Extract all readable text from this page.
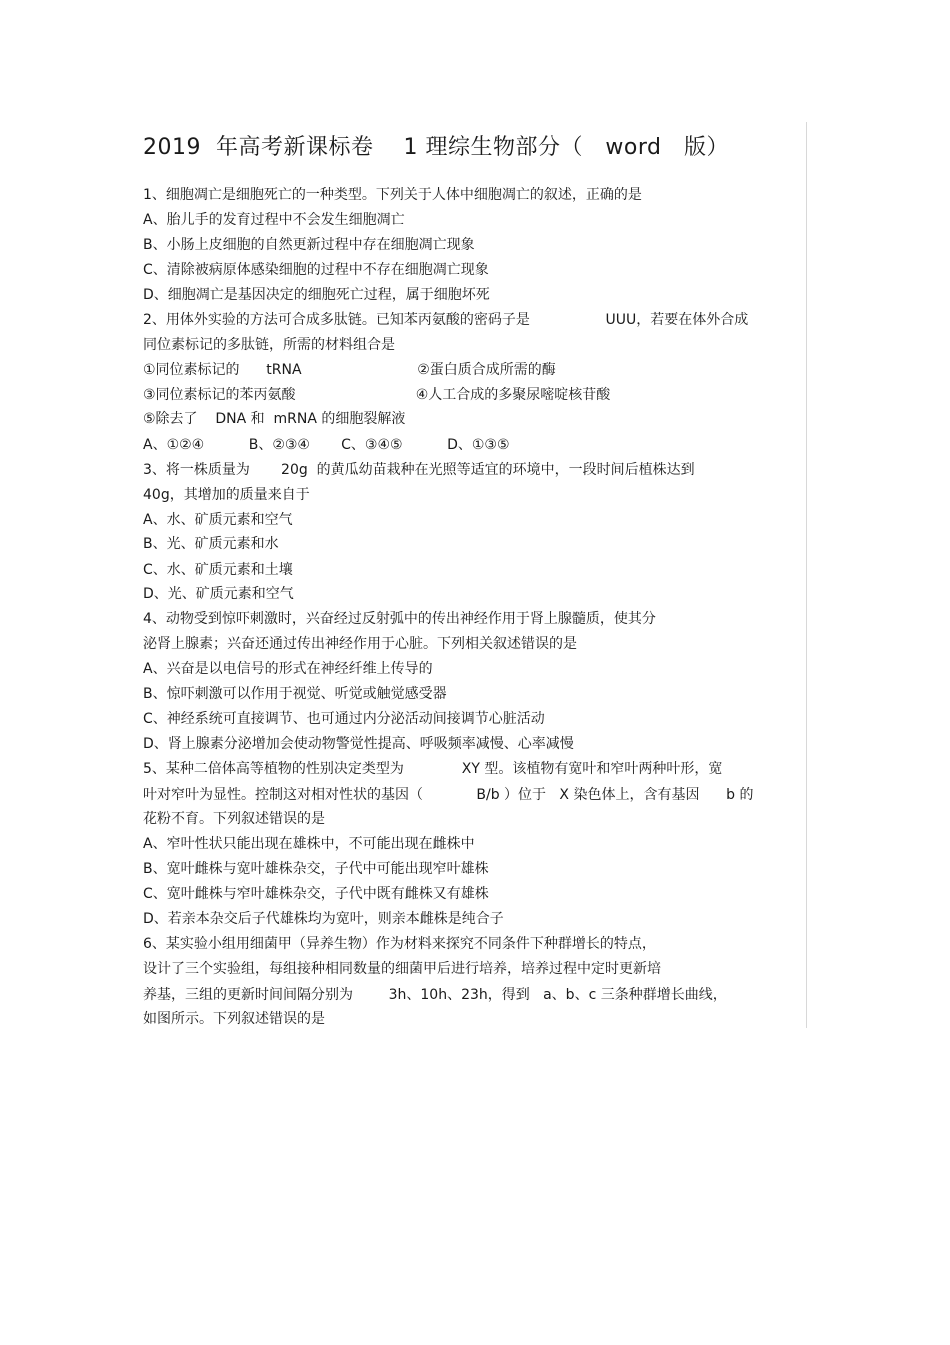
2019  年高考新课标卷    1 理综生物部分（   word   版）
1、细胞凋亡是细胞死亡的一种类型。下列关于人体中细胞凋亡的叙述，正确的是
A、胎儿手的发育过程中不会发生细胞凋亡
B、小肠上皮细胞的自然更新过程中存在细胞凋亡现象
C、清除被病原体感染细胞的过程中不存在细胞凋亡现象
D、细胞凋亡是基因决定的细胞死亡过程，属于细胞坏死
2、用体外实验的方法可合成多肽链。已知苯丙氨酸的密码子是                 UUU，若要在体外合成
同位素标记的多肽链，所需的材料组合是
①同位素标记的      tRNA                          ②蛋白质合成所需的酶
③同位素标记的苯丙氨酸                           ④人工合成的多聚尿嘧啶核苷酸
⑤除去了    DNA 和  mRNA 的细胞裂解液
A、①②④          B、②③④       C、③④⑤          D、①③⑤
3、将一株质量为       20g  的黄瓜幼苗栽种在光照等适宜的环境中，一段时间后植株达到
40g，其增加的质量来自于
A、水、矿质元素和空气
B、光、矿质元素和水
C、水、矿质元素和土壤
D、光、矿质元素和空气
4、动物受到惊吓刺激时，兴奋经过反射弧中的传出神经作用于肾上腺髓质，使其分
泌肾上腺素；兴奋还通过传出神经作用于心脏。下列相关叙述错误的是
A、兴奋是以电信号的形式在神经纤维上传导的
B、惊吓刺激可以作用于视觉、听觉或触觉感受器
C、神经系统可直接调节、也可通过内分泌活动间接调节心脏活动
D、肾上腺素分泌增加会使动物警觉性提高、呼吸频率减慢、心率减慢
5、某种二倍体高等植物的性别决定类型为             XY 型。该植物有宽叶和窄叶两种叶形，宽
叶对窄叶为显性。控制这对相对性状的基因（            B/b ）位于   X 染色体上，含有基因      b 的
花粉不育。下列叙述错误的是
A、窄叶性状只能出现在雄株中，不可能出现在雌株中
B、宽叶雌株与宽叶雄株杂交，子代中可能出现窄叶雄株
C、宽叶雌株与窄叶雄株杂交，子代中既有雌株又有雄株
D、若亲本杂交后子代雄株均为宽叶，则亲本雌株是纯合子
6、某实验小组用细菌甲（异养生物）作为材料来探究不同条件下种群增长的特点，
设计了三个实验组，每组接种相同数量的细菌甲后进行培养，培养过程中定时更新培
养基，三组的更新时间间隔分别为        3h、10h、23h，得到   a、b、c 三条种群增长曲线，
如图所示。下列叙述错误的是
